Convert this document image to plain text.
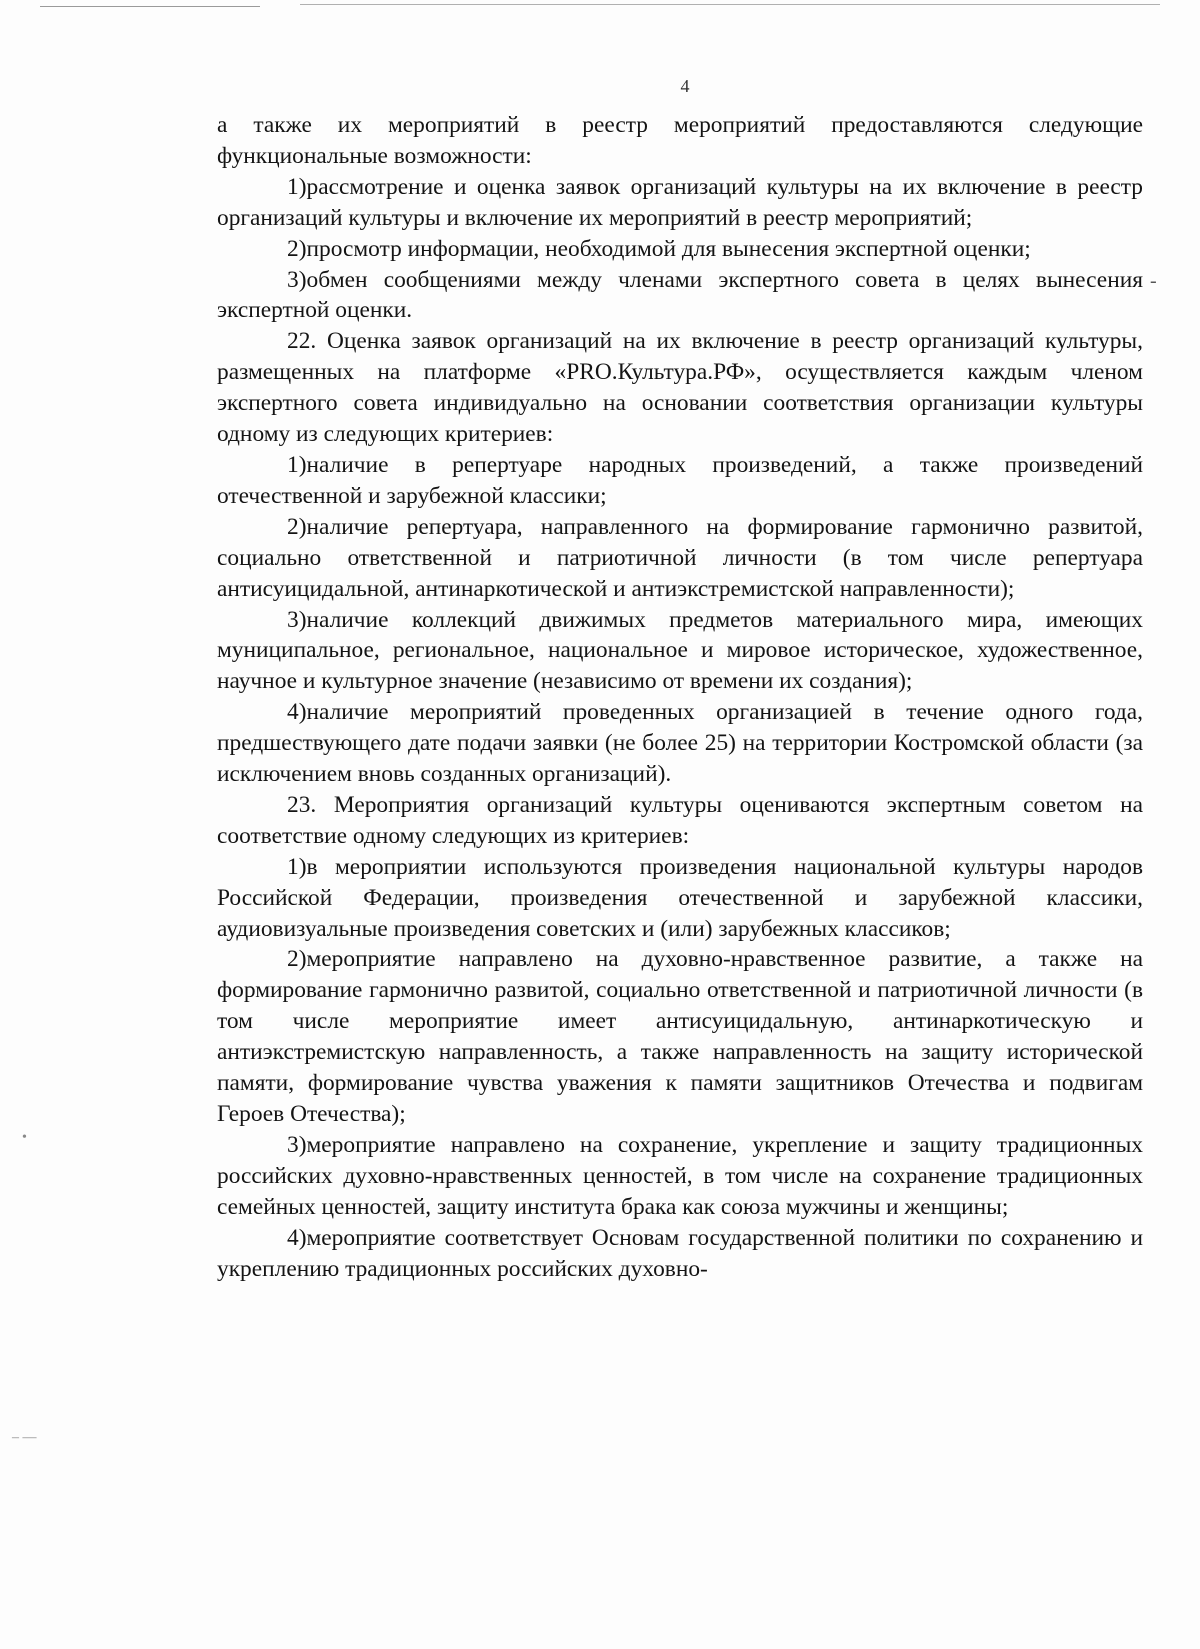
4

а также их мероприятий в реестр мероприятий предоставляются следующие функциональные возможности:

1)рассмотрение и оценка заявок организаций культуры на их включение в реестр организаций культуры и включение их мероприятий в реестр мероприятий;

2)просмотр информации, необходимой для вынесения экспертной оценки;

3)обмен сообщениями между членами экспертного совета в целях вынесения экспертной оценки.

22. Оценка заявок организаций на их включение в реестр организаций культуры, размещенных на платформе «PRO.Культура.РФ», осуществляется каждым членом экспертного совета индивидуально на основании соответствия организации культуры одному из следующих критериев:

1)наличие в репертуаре народных произведений, а также произведений отечественной и зарубежной классики;

2)наличие репертуара, направленного на формирование гармонично развитой, социально ответственной и патриотичной личности (в том числе репертуара антисуицидальной, антинаркотической и антиэкстремистской направленности);

3)наличие коллекций движимых предметов материального мира, имеющих муниципальное, региональное, национальное и мировое историческое, художественное, научное и культурное значение (независимо от времени их создания);

4)наличие мероприятий проведенных организацией в течение одного года, предшествующего дате подачи заявки (не более 25) на территории Костромской области (за исключением вновь созданных организаций).

23. Мероприятия организаций культуры оцениваются экспертным советом на соответствие одному следующих из критериев:

1)в мероприятии используются произведения национальной культуры народов Российской Федерации, произведения отечественной и зарубежной классики, аудиовизуальные произведения советских и (или) зарубежных классиков;

2)мероприятие направлено на духовно-нравственное развитие, а также на формирование гармонично развитой, социально ответственной и патриотичной личности (в том числе мероприятие имеет антисуицидальную, антинаркотическую и антиэкстремистскую направленность, а также направленность на защиту исторической памяти, формирование чувства уважения к памяти защитников Отечества и подвигам Героев Отечества);

3)мероприятие направлено на сохранение, укрепление и защиту традиционных российских духовно-нравственных ценностей, в том числе на сохранение традиционных семейных ценностей, защиту института брака как союза мужчины и женщины;

4)мероприятие соответствует Основам государственной политики по сохранению и укреплению традиционных российских духовно-

-
•
‒ —
